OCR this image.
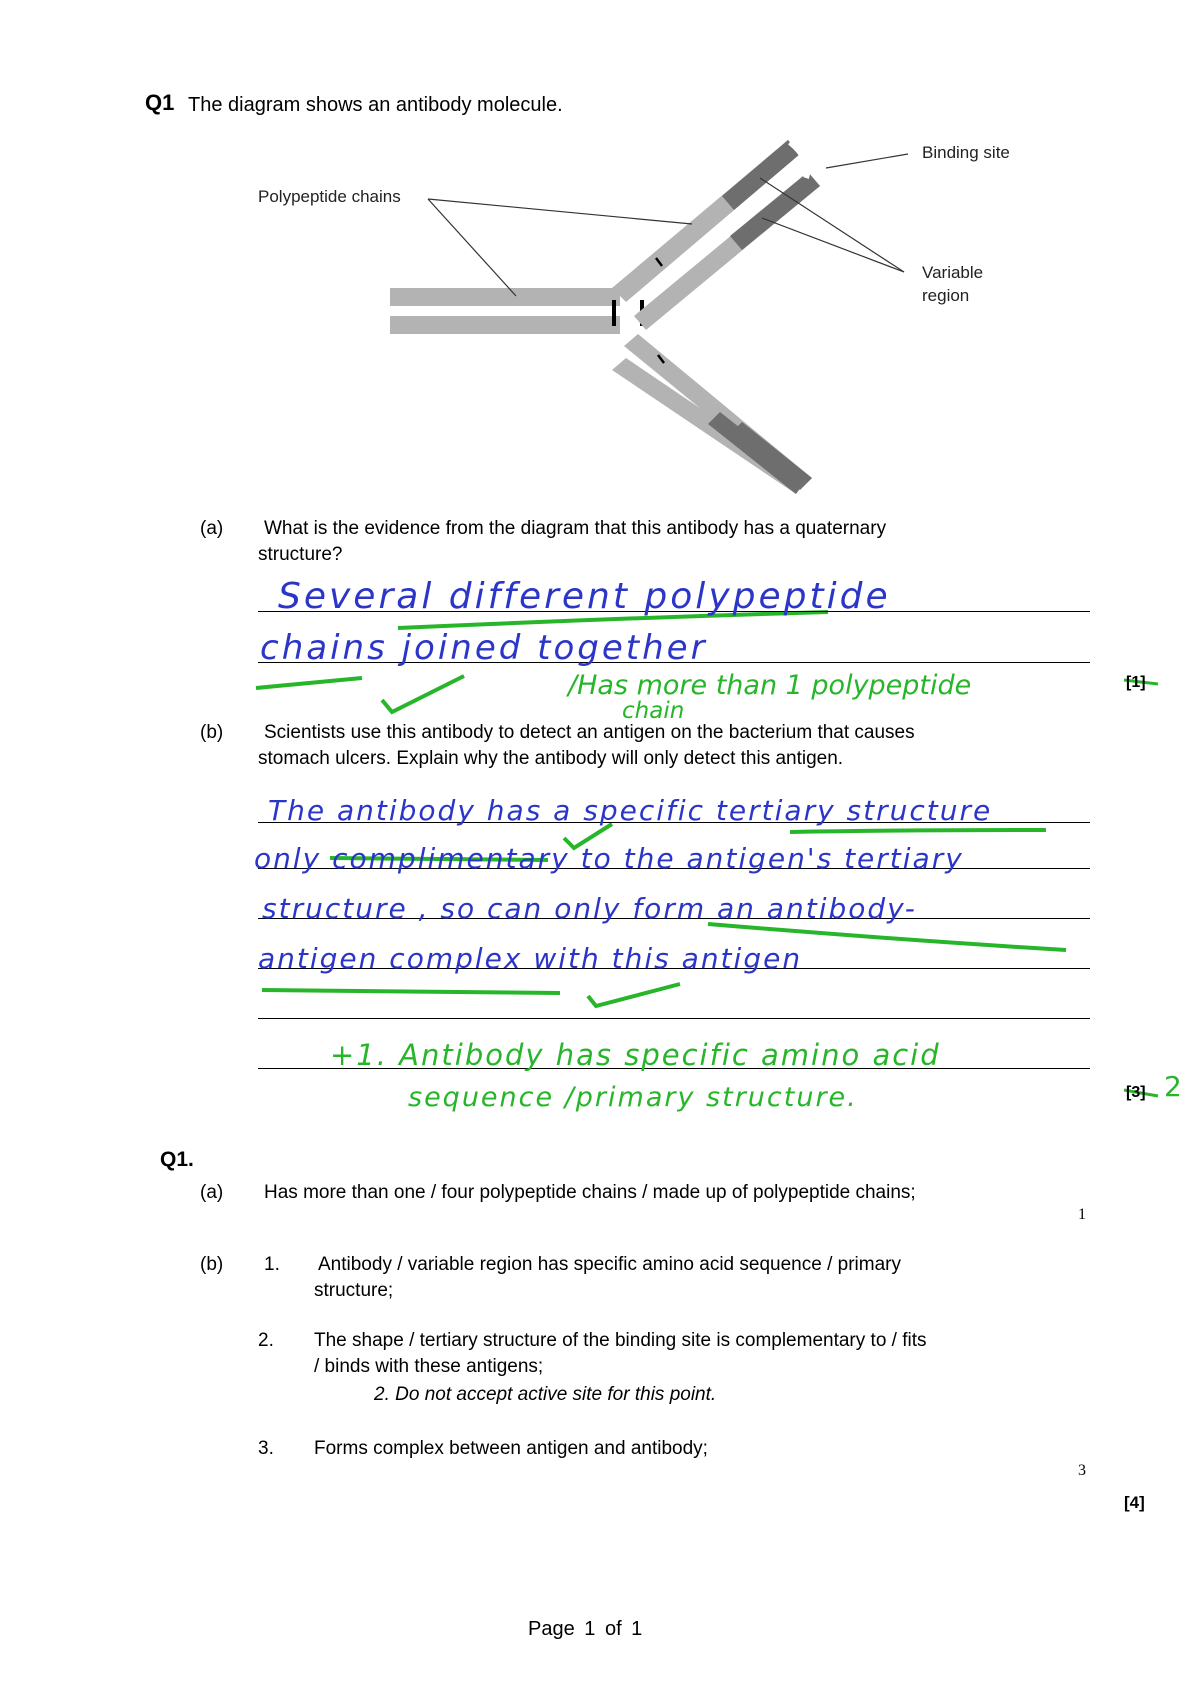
Q1 The diagram shows an antibody molecule.
Polypeptide chains
Binding site
Variable
region
(a) What is the evidence from the diagram that this antibody has a quaternary
structure?
Several different polypeptide
chains joined together
/Has more than 1 polypeptide
chain
[1]
(b) Scientists use this antibody to detect an antigen on the bacterium that causes
stomach ulcers. Explain why the antibody will only detect this antigen.
The antibody has a specific tertiary structure
only complimentary to the antigen's tertiary
structure , so can only form an antibody-
antigen complex with this antigen
+1. Antibody has specific amino acid
sequence /primary structure.	[3] 2
Q1.
(a) Has more than one / four polypeptide chains / made up of polypeptide chains;
1
(b) 1. Antibody / variable region has specific amino acid sequence / primary
structure;
2. The shape / tertiary structure of the binding site is complementary to / fits
/ binds with these antigens;
2. Do not accept active site for this point.
3. Forms complex between antigen and antibody;
3
[4]
Page 1 of 1
